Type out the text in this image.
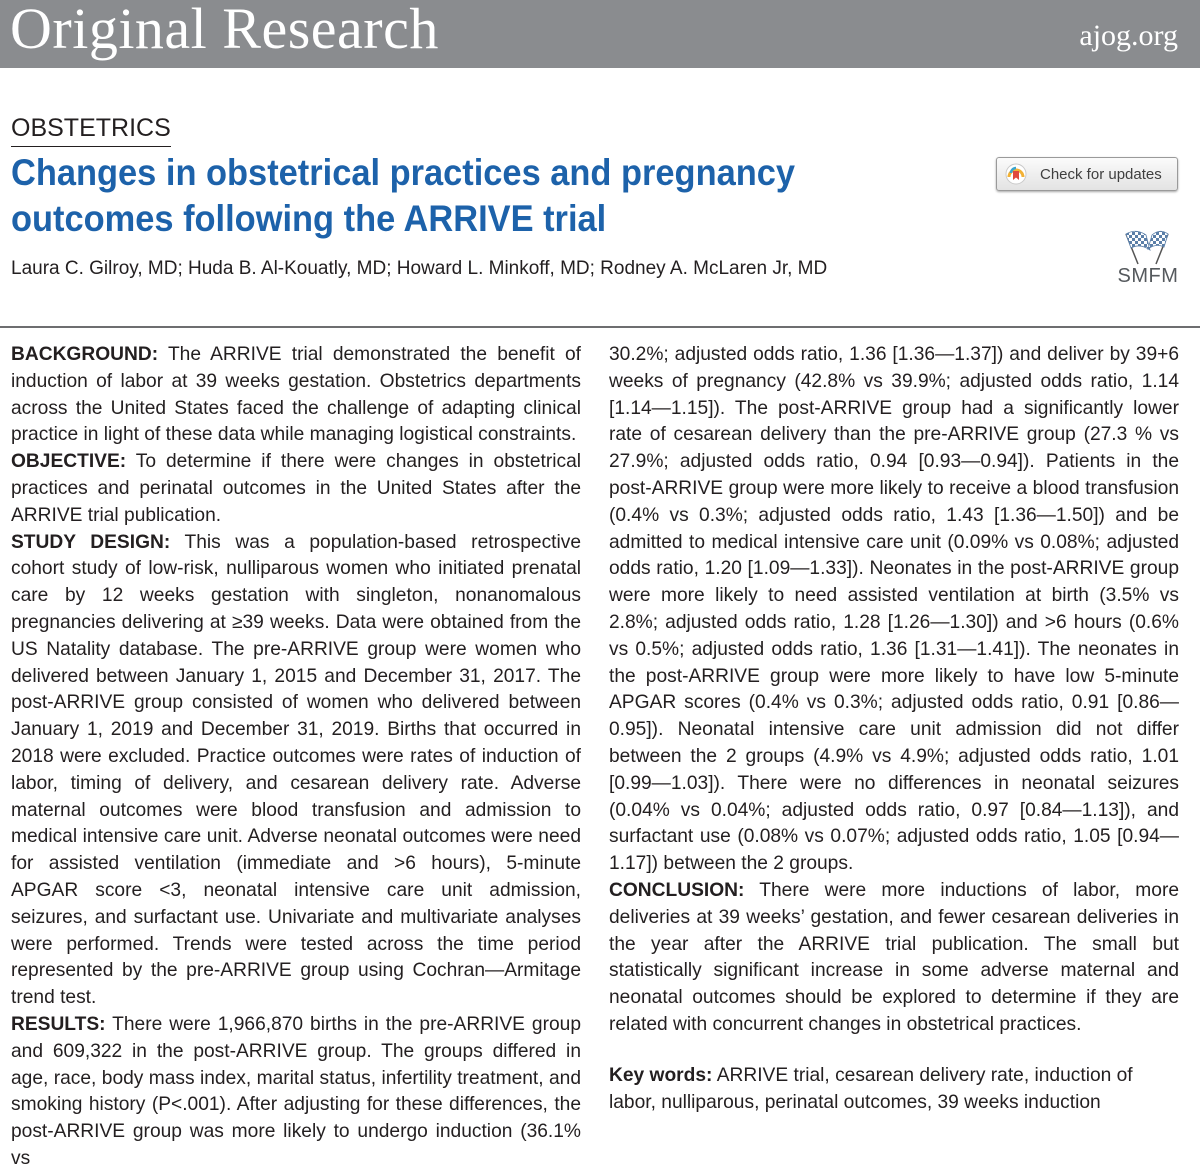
Original Research	ajog.org
OBSTETRICS
Changes in obstetrical practices and pregnancy outcomes following the ARRIVE trial
Laura C. Gilroy, MD; Huda B. Al-Kouatly, MD; Howard L. Minkoff, MD; Rodney A. McLaren Jr, MD
Check for updates
SMFM

BACKGROUND: The ARRIVE trial demonstrated the benefit of induction of labor at 39 weeks gestation. Obstetrics departments across the United States faced the challenge of adapting clinical practice in light of these data while managing logistical constraints.

OBJECTIVE: To determine if there were changes in obstetrical practices and perinatal outcomes in the United States after the ARRIVE trial publication.

STUDY DESIGN: This was a population-based retrospective cohort study of low-risk, nulliparous women who initiated prenatal care by 12 weeks gestation with singleton, nonanomalous pregnancies delivering at ≥39 weeks. Data were obtained from the US Natality database. The pre-ARRIVE group were women who delivered between January 1, 2015 and December 31, 2017. The post-ARRIVE group consisted of women who delivered between January 1, 2019 and December 31, 2019. Births that occurred in 2018 were excluded. Practice outcomes were rates of induction of labor, timing of delivery, and cesarean delivery rate. Adverse maternal outcomes were blood transfusion and admission to medical intensive care unit. Adverse neonatal outcomes were need for assisted ventilation (immediate and >6 hours), 5-minute APGAR score <3, neonatal intensive care unit admission, seizures, and surfactant use. Univariate and multivariate analyses were performed. Trends were tested across the time period represented by the pre-ARRIVE group using Cochran—Armitage trend test.

RESULTS: There were 1,966,870 births in the pre-ARRIVE group and 609,322 in the post-ARRIVE group. The groups differed in age, race, body mass index, marital status, infertility treatment, and smoking history (P<.001). After adjusting for these differences, the post-ARRIVE group was more likely to undergo induction (36.1% vs

30.2%; adjusted odds ratio, 1.36 [1.36—1.37]) and deliver by 39+6 weeks of pregnancy (42.8% vs 39.9%; adjusted odds ratio, 1.14 [1.14—1.15]). The post-ARRIVE group had a significantly lower rate of cesarean delivery than the pre-ARRIVE group (27.3 % vs 27.9%; adjusted odds ratio, 0.94 [0.93—0.94]). Patients in the post-ARRIVE group were more likely to receive a blood transfusion (0.4% vs 0.3%; adjusted odds ratio, 1.43 [1.36—1.50]) and be admitted to medical intensive care unit (0.09% vs 0.08%; adjusted odds ratio, 1.20 [1.09—1.33]). Neonates in the post-ARRIVE group were more likely to need assisted ventilation at birth (3.5% vs 2.8%; adjusted odds ratio, 1.28 [1.26—1.30]) and >6 hours (0.6% vs 0.5%; adjusted odds ratio, 1.36 [1.31—1.41]). The neonates in the post-ARRIVE group were more likely to have low 5-minute APGAR scores (0.4% vs 0.3%; adjusted odds ratio, 0.91 [0.86—0.95]). Neonatal intensive care unit admission did not differ between the 2 groups (4.9% vs 4.9%; adjusted odds ratio, 1.01 [0.99—1.03]). There were no differences in neonatal seizures (0.04% vs 0.04%; adjusted odds ratio, 0.97 [0.84—1.13]), and surfactant use (0.08% vs 0.07%; adjusted odds ratio, 1.05 [0.94—1.17]) between the 2 groups.

CONCLUSION: There were more inductions of labor, more deliveries at 39 weeks’ gestation, and fewer cesarean deliveries in the year after the ARRIVE trial publication. The small but statistically significant increase in some adverse maternal and neonatal outcomes should be explored to determine if they are related with concurrent changes in obstetrical practices.

Key words: ARRIVE trial, cesarean delivery rate, induction of labor, nulliparous, perinatal outcomes, 39 weeks induction
